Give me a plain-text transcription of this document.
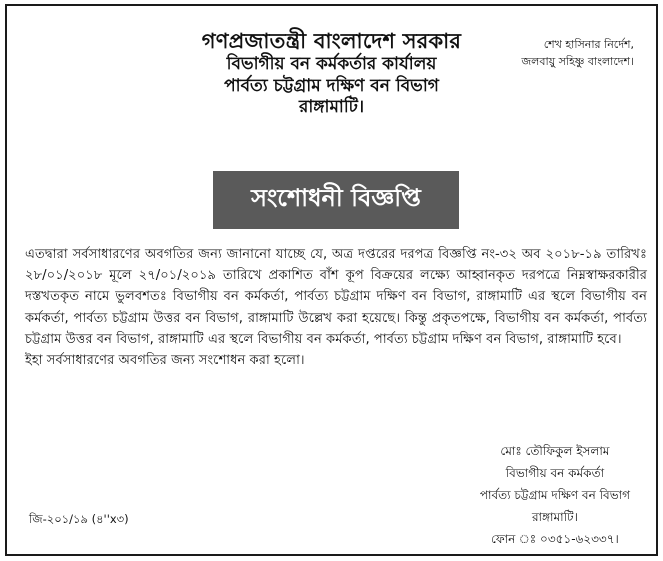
গণপ্রজাতন্ত্রী বাংলাদেশ সরকার
বিভাগীয় বন কর্মকর্তার কার্যালয়
পার্বত্য চট্টগ্রাম দক্ষিণ বন বিভাগ
রাঙ্গামাটি।
শেখ হাসিনার নির্দেশ,
জলবায়ু সহিষ্ণু বাংলাদেশ।
সংশোধনী বিজ্ঞপ্তি

এতদ্বারা সর্বসাধারণের অবগতির জন্য জানানো যাচ্ছে যে, অত্র দপ্তরের দরপত্র বিজ্ঞপ্তি নং-৩২ অব ২০১৮-১৯ তারিখঃ ২৮/০১/২০১৮ মূলে ২৭/০১/২০১৯ তারিখে প্রকাশিত বাঁশ কূপ বিক্রয়ের লক্ষ্যে আহ্বানকৃত দরপত্রে নিম্নস্বাক্ষরকারীর দস্তখতকৃত নামে ভুলবশতঃ বিভাগীয় বন কর্মকর্তা, পার্বত্য চট্টগ্রাম দক্ষিণ বন বিভাগ, রাঙ্গামাটি এর স্থলে বিভাগীয় বন কর্মকর্তা, পার্বত্য চট্টগ্রাম উত্তর বন বিভাগ, রাঙ্গামাটি উল্লেখ করা হয়েছে। কিন্তু প্রকৃতপক্ষে, বিভাগীয় বন কর্মকর্তা, পার্বত্য চট্টগ্রাম উত্তর বন বিভাগ, রাঙ্গামাটি এর স্থলে বিভাগীয় বন কর্মকর্তা, পার্বত্য চট্টগ্রাম দক্ষিণ বন বিভাগ, রাঙ্গামাটি হবে।

ইহা সর্বসাধারণের অবগতির জন্য সংশোধন করা হলো।

মোঃ তৌফিকুল ইসলাম
বিভাগীয় বন কর্মকর্তা
পার্বত্য চট্টগ্রাম দক্ষিণ বন বিভাগ
রাঙ্গামাটি।
ফোন ঃ ০৩৫১-৬২৩৩৭।
জি-২০১/১৯ (৪''x৩)
